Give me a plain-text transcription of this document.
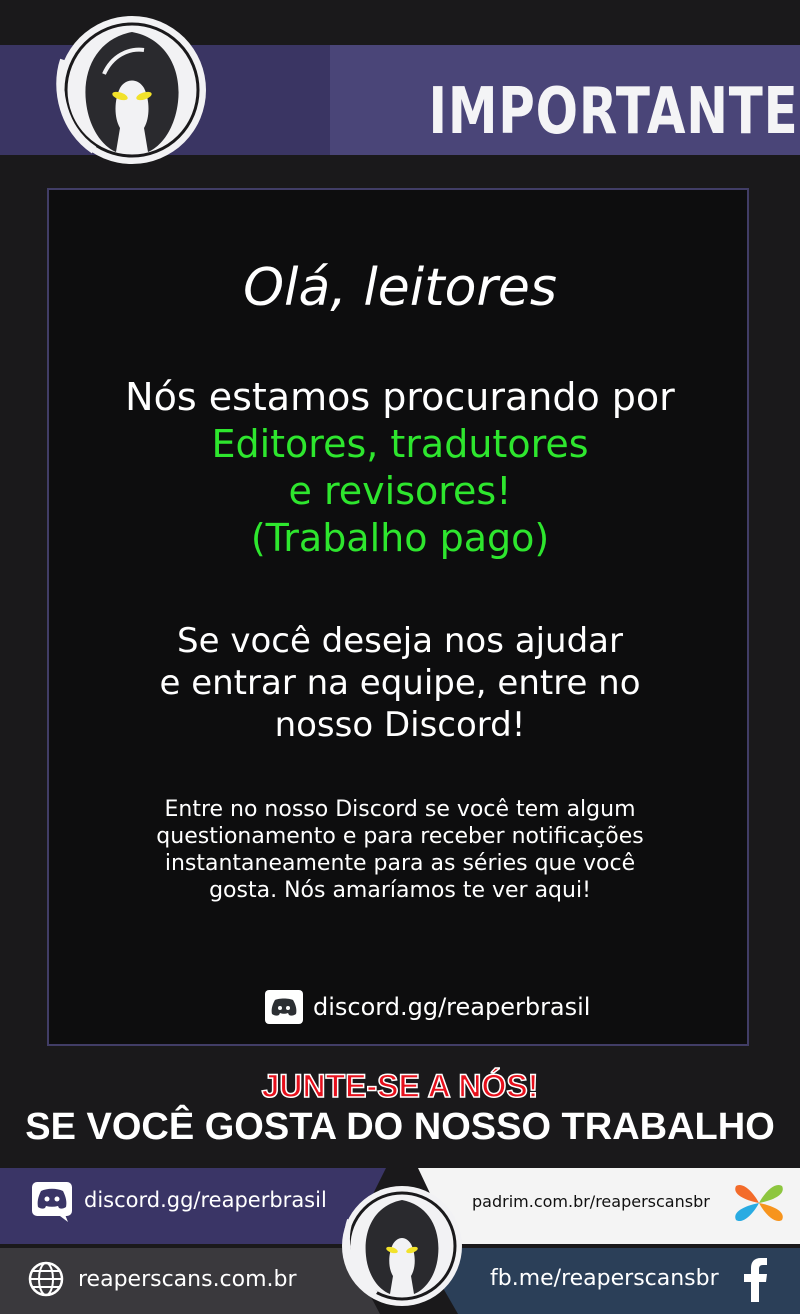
IMPORTANTE
Olá, leitores
Nós estamos procurando por
Editores, tradutores
e revisores!
(Trabalho pago)
Se você deseja nos ajudar
e entrar na equipe, entre no
nosso Discord!
Entre no nosso Discord se você tem algum
questionamento e para receber notificações
instantaneamente para as séries que você
gosta. Nós amaríamos te ver aqui!
discord.gg/reaperbrasil
JUNTE-SE A NÓS!
SE VOCÊ GOSTA DO NOSSO TRABALHO
discord.gg/reaperbrasil	padrim.com.br/reaperscansbr
reaperscans.com.br	fb.me/reaperscansbr
